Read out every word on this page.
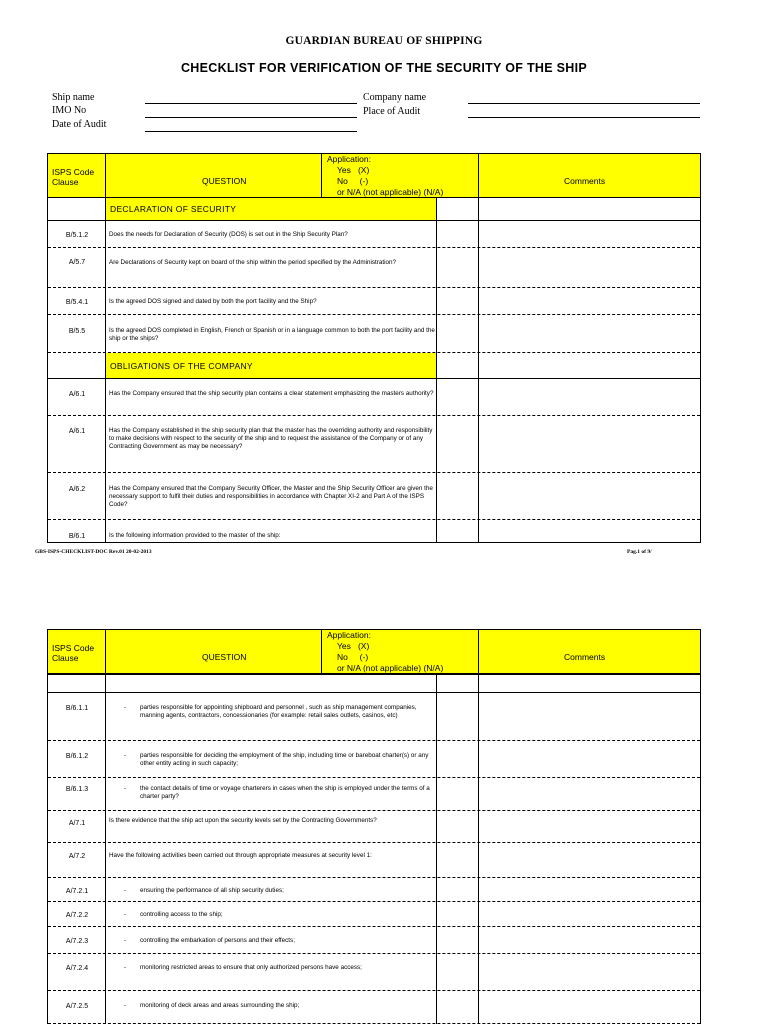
GUARDIAN BUREAU OF SHIPPING
CHECKLIST FOR VERIFICATION OF THE SECURITY OF THE SHIP
Ship name
IMO No
Date of Audit
Company name
Place of Audit
ISPS Code
Clause	QUESTION
Application:
Yes   (X)
No     (-)
or N/A (not applicable) (N/A)
Comments
DECLARATION OF SECURITY
B/5.1.2	Does the needs for Declaration of Security (DOS) is set out in the Ship Security Plan?
A/5.7	Are Declarations of Security kept on board of the ship within the period specified by the Administration?
B/5.4.1	Is the agreed DOS signed and dated by both the port facility and the Ship?
B/5.5	Is the agreed DOS completed in English, French or Spanish or in a language common to both the port facility and the ship or the ships?
OBLIGATIONS OF THE COMPANY
A/6.1	Has the Company ensured that the ship security plan contains a clear statement emphasizing the masters authority?
A/6.1	Has the Company established in the ship security plan that the master has the overriding authority and responsibility to make decisions with respect to the security of the ship and to request the assistance of the Company or of any Contracting Government as may be necessary?
A/6.2	Has the Company ensured that the Company Security Officer, the Master and the Ship Security Officer are given the necessary support to fulfil their duties and responsibilities in accordance with Chapter XI-2 and Part A of the ISPS Code?
B/6.1	Is the following information provided to the master of the ship:
GBS-ISPS-CHECKLIST-DOC Rev.01 20-02-2013	Pag.1 of 9/
ISPS Code
Clause	QUESTION
Application:
Yes   (X)
No     (-)
or N/A (not applicable) (N/A)
Comments
B/6.1.1	-	parties responsible for appointing shipboard and personnel , such as ship management companies, manning agents, contractors, concessionaries (for example: retail sales outlets, casinos, etc)
B/6.1.2	-	parties responsible for deciding the employment of the ship, including time or bareboat charter(s) or any other entity acting in such capacity;
B/6.1.3	-	the contact details of time or voyage charterers in cases when the ship is employed under the terms of a charter party?
A/7.1	Is there evidence that the ship act upon the security levels set by the Contracting Governments?
A/7.2	Have the following activities been carried out through appropriate measures at security level 1:
A/7.2.1	-	ensuring the performance of all ship security duties;
A/7.2.2	-	controlling access to the ship;
A/7.2.3	-	controlling the embarkation of persons and their effects;
A/7.2.4	-	monitoring restricted areas to ensure that only authorized persons have access;
A/7.2.5	-	monitoring of deck areas and areas surrounding the ship;
